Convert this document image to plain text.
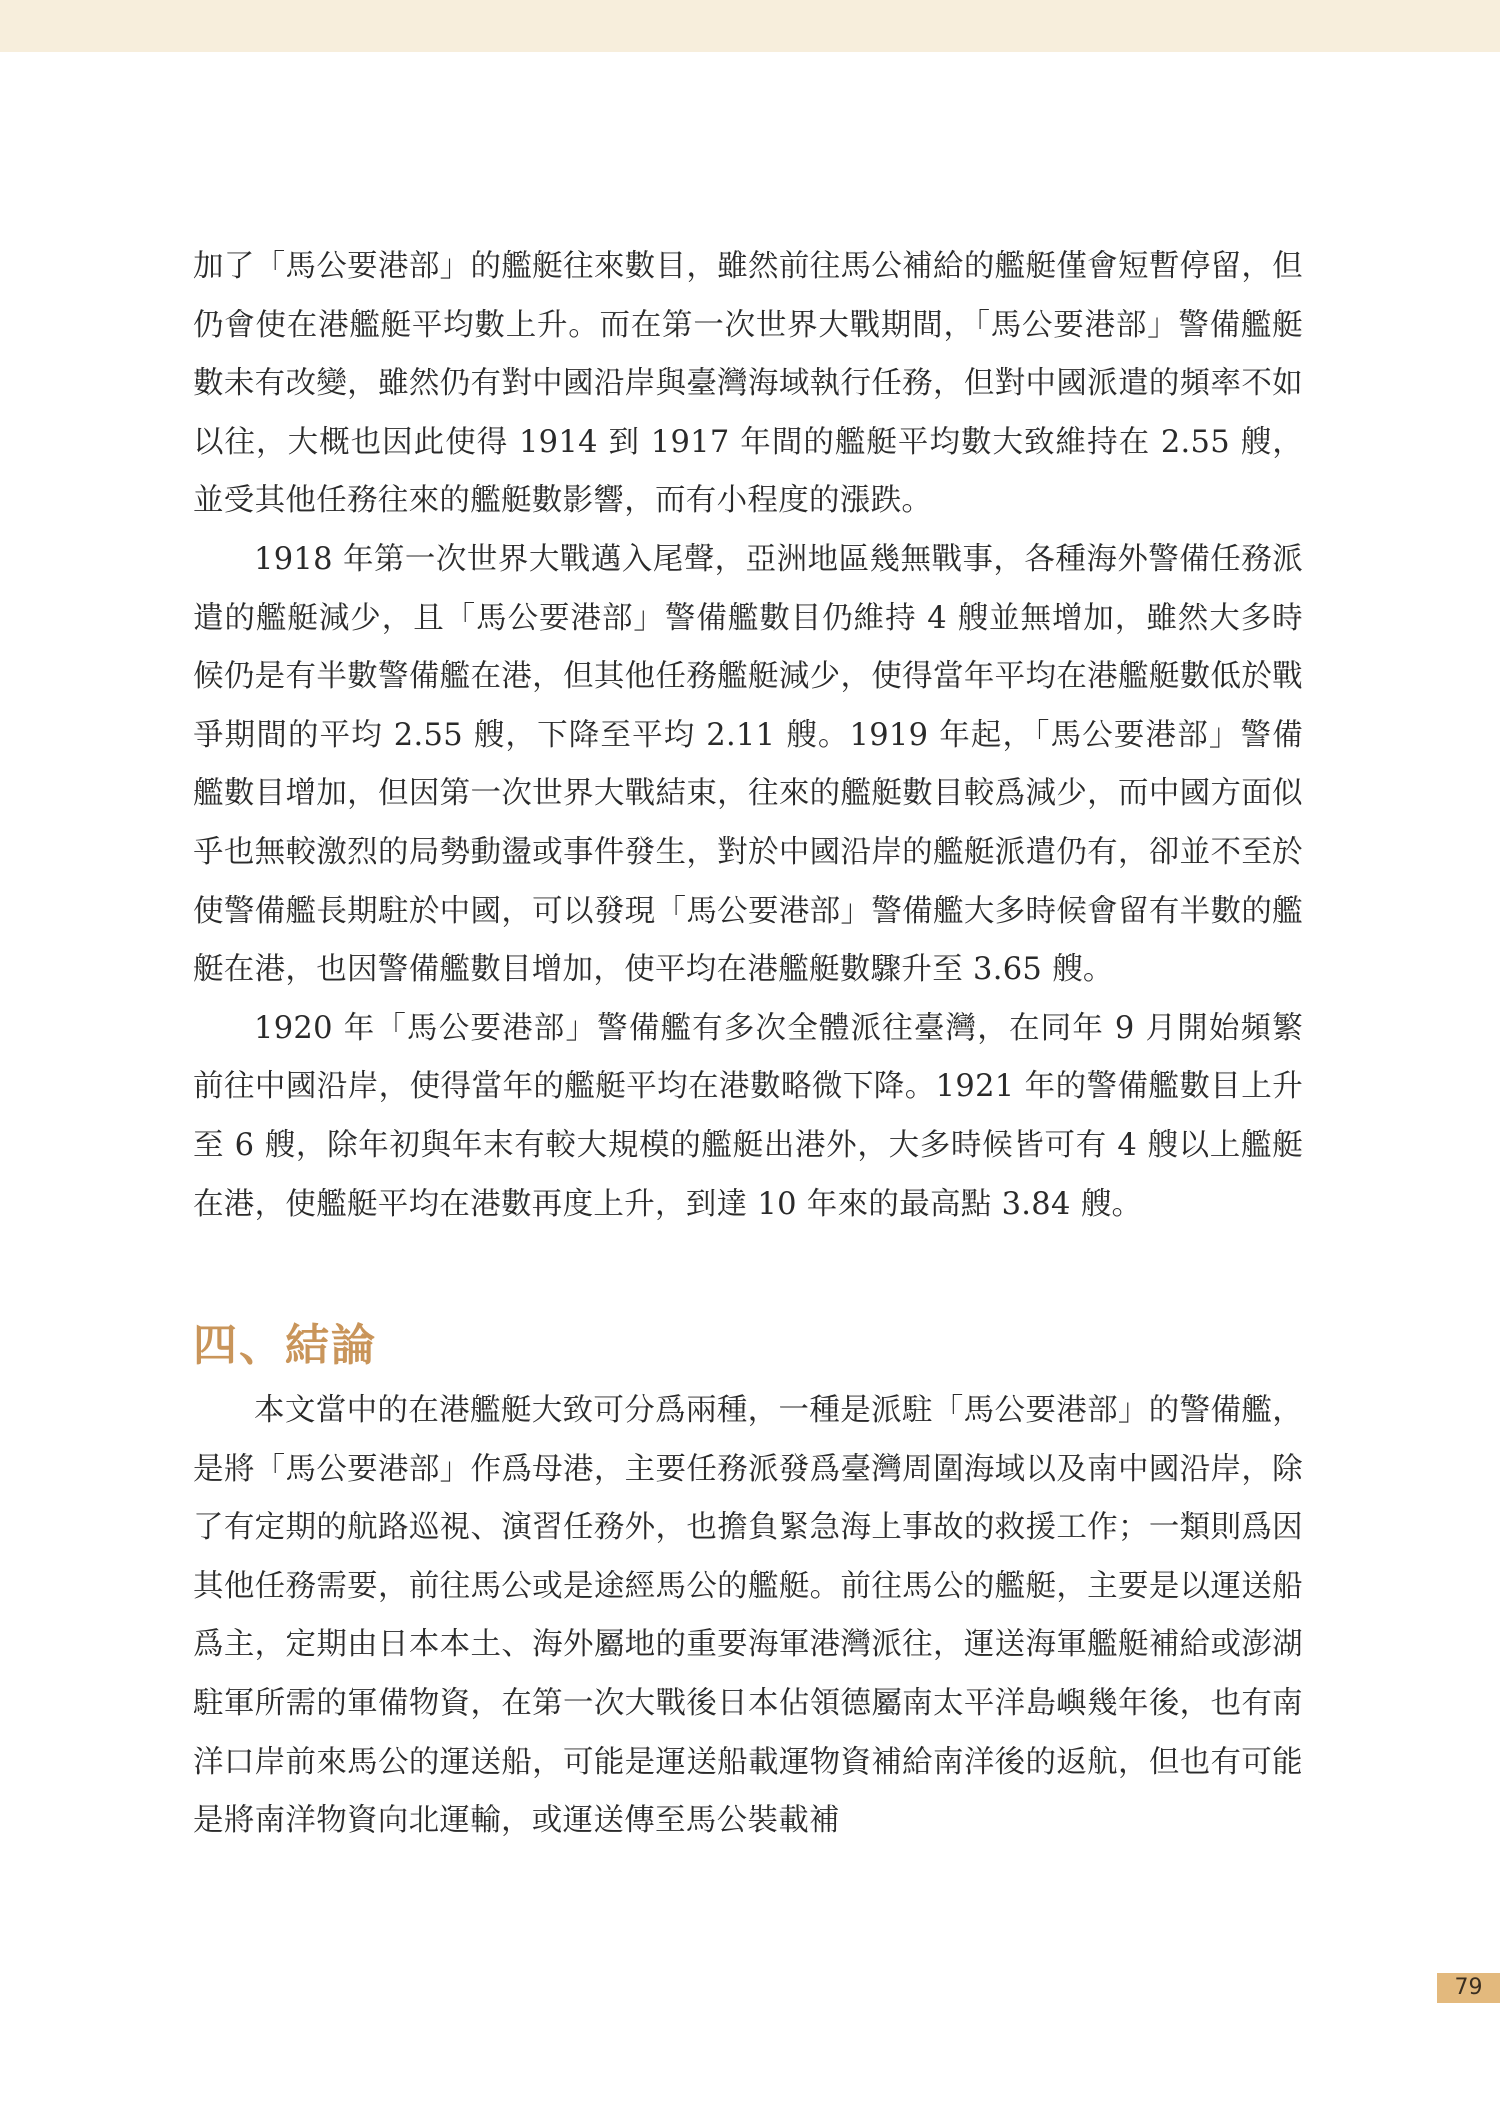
加了「馬公要港部」的艦艇往來數目，雖然前往馬公補給的艦艇僅會短暫停留，但仍會使在港艦艇平均數上升。而在第一次世界大戰期間，「馬公要港部」警備艦艇數未有改變，雖然仍有對中國沿岸與臺灣海域執行任務，但對中國派遣的頻率不如以往，大概也因此使得 1914 到 1917 年間的艦艇平均數大致維持在 2.55 艘，並受其他任務往來的艦艇數影響，而有小程度的漲跌。

1918 年第一次世界大戰邁入尾聲，亞洲地區幾無戰事，各種海外警備任務派遣的艦艇減少，且「馬公要港部」警備艦數目仍維持 4 艘並無增加，雖然大多時候仍是有半數警備艦在港，但其他任務艦艇減少，使得當年平均在港艦艇數低於戰爭期間的平均 2.55 艘，下降至平均 2.11 艘。1919 年起，「馬公要港部」警備艦數目增加，但因第一次世界大戰結束，往來的艦艇數目較爲減少，而中國方面似乎也無較激烈的局勢動盪或事件發生，對於中國沿岸的艦艇派遣仍有，卻並不至於使警備艦長期駐於中國，可以發現「馬公要港部」警備艦大多時候會留有半數的艦艇在港，也因警備艦數目增加，使平均在港艦艇數驟升至 3.65 艘。

1920 年「馬公要港部」警備艦有多次全體派往臺灣，在同年 9 月開始頻繁前往中國沿岸，使得當年的艦艇平均在港數略微下降。1921 年的警備艦數目上升至 6 艘，除年初與年末有較大規模的艦艇出港外，大多時候皆可有 4 艘以上艦艇在港，使艦艇平均在港數再度上升，到達 10 年來的最高點 3.84 艘。

四、結論

本文當中的在港艦艇大致可分爲兩種，一種是派駐「馬公要港部」的警備艦，是將「馬公要港部」作爲母港，主要任務派發爲臺灣周圍海域以及南中國沿岸，除了有定期的航路巡視、演習任務外，也擔負緊急海上事故的救援工作；一類則爲因其他任務需要，前往馬公或是途經馬公的艦艇。前往馬公的艦艇，主要是以運送船爲主，定期由日本本土、海外屬地的重要海軍港灣派往，運送海軍艦艇補給或澎湖駐軍所需的軍備物資，在第一次大戰後日本佔領德屬南太平洋島嶼幾年後，也有南洋口岸前來馬公的運送船，可能是運送船載運物資補給南洋後的返航，但也有可能是將南洋物資向北運輸，或運送傳至馬公裝載補

79
